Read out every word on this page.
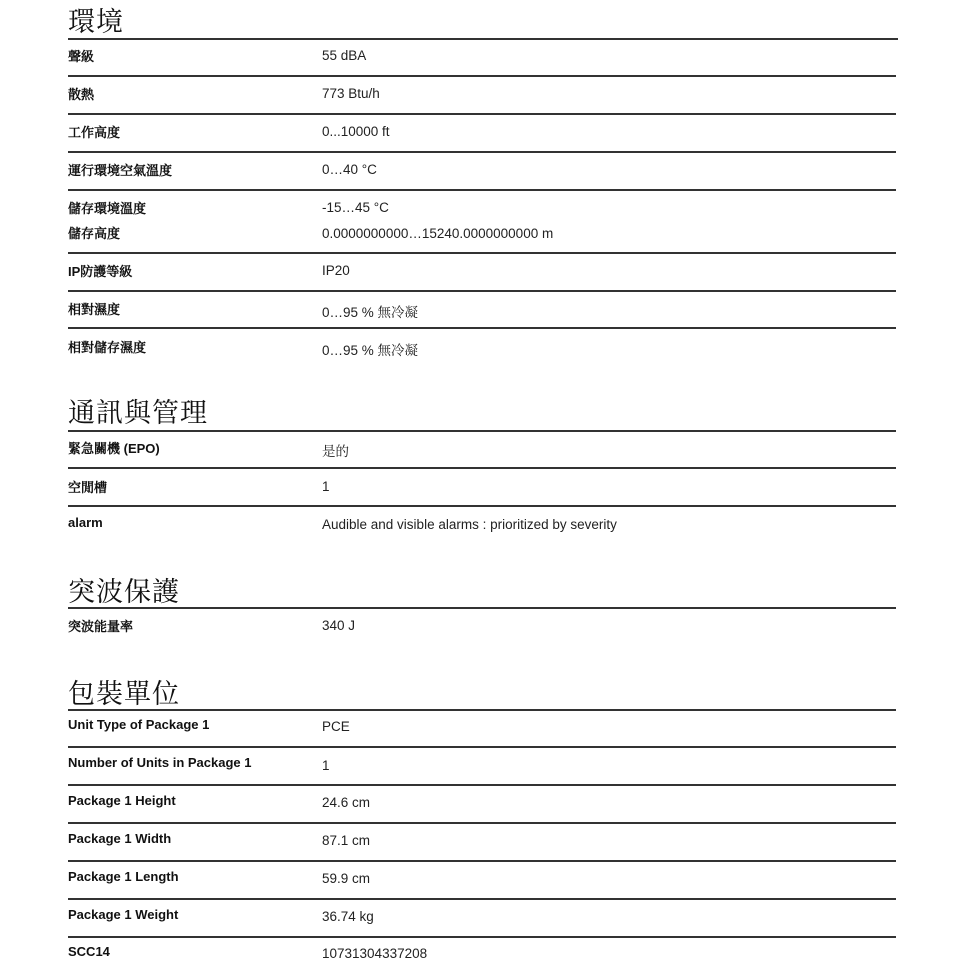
環境
聲級	55 dBA
散熱	773 Btu/h
工作高度	0...10000 ft
運行環境空氣溫度	0…40 °C
儲存環境溫度	-15…45 °C
儲存高度	0.0000000000…15240.0000000000 m
IP防護等級	IP20
相對濕度	0…95 % 無冷凝
相對儲存濕度	0…95 % 無冷凝
通訊與管理
緊急關機 (EPO)	是的
空閒槽	1
alarm	Audible and visible alarms : prioritized by severity
突波保護
突波能量率	340 J
包裝單位
Unit Type of Package 1	PCE
Number of Units in Package 1	1
Package 1 Height	24.6 cm
Package 1 Width	87.1 cm
Package 1 Length	59.9 cm
Package 1 Weight	36.74 kg
SCC14	10731304337208
